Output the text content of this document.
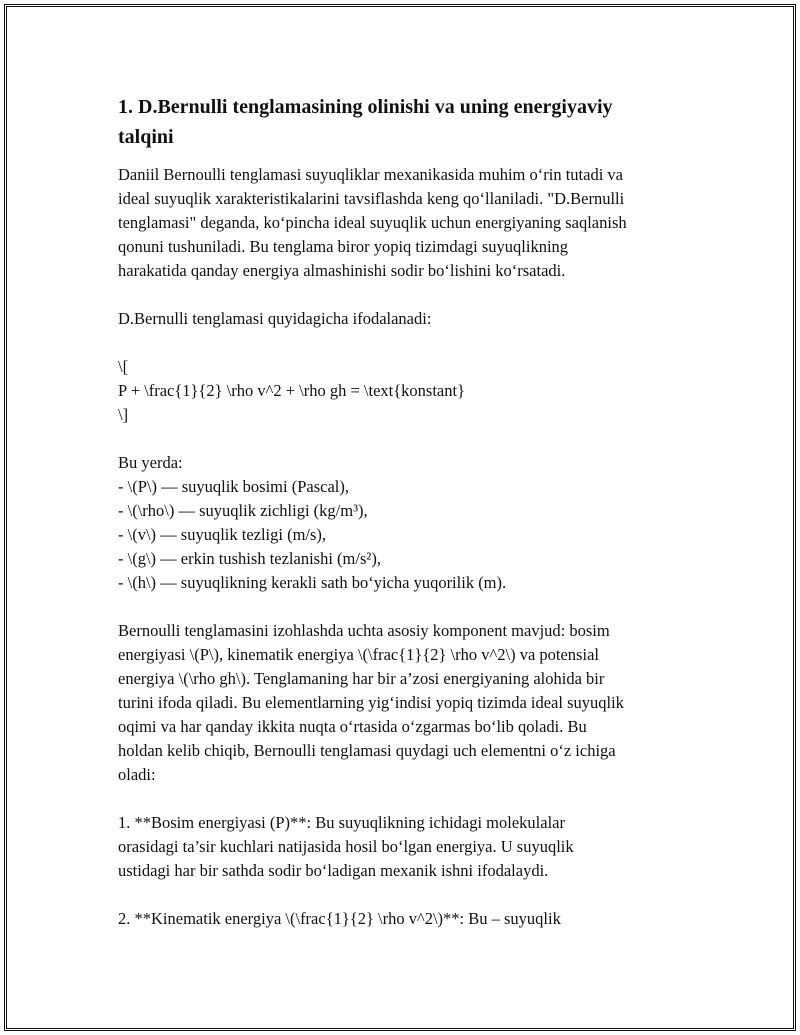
1. D.Bernulli tenglamasining olinishi va uning energiyaviy
talqini
Daniil Bernoulli tenglamasi suyuqliklar mexanikasida muhim o‘rin tutadi va
ideal suyuqlik xarakteristikalarini tavsiflashda keng qo‘llaniladi. "D.Bernulli
tenglamasi" deganda, ko‘pincha ideal suyuqlik uchun energiyaning saqlanish
qonuni tushuniladi. Bu tenglama biror yopiq tizimdagi suyuqlikning
harakatida qanday energiya almashinishi sodir bo‘lishini ko‘rsatadi.
D.Bernulli tenglamasi quyidagicha ifodalanadi:
\[
P + \frac{1}{2} \rho v^2 + \rho gh = \text{konstant}
\]
Bu yerda:
- \(P\) — suyuqlik bosimi (Pascal),
- \(\rho\) — suyuqlik zichligi (kg/m³),
- \(v\) — suyuqlik tezligi (m/s),
- \(g\) — erkin tushish tezlanishi (m/s²),
- \(h\) — suyuqlikning kerakli sath bo‘yicha yuqorilik (m).
Bernoulli tenglamasini izohlashda uchta asosiy komponent mavjud: bosim
energiyasi \(P\), kinematik energiya \(\frac{1}{2} \rho v^2\) va potensial
energiya \(\rho gh\). Tenglamaning har bir a’zosi energiyaning alohida bir
turini ifoda qiladi. Bu elementlarning yig‘indisi yopiq tizimda ideal suyuqlik
oqimi va har qanday ikkita nuqta o‘rtasida o‘zgarmas bo‘lib qoladi. Bu
holdan kelib chiqib, Bernoulli tenglamasi quydagi uch elementni o‘z ichiga
oladi:
1. **Bosim energiyasi (P)**: Bu suyuqlikning ichidagi molekulalar
orasidagi ta’sir kuchlari natijasida hosil bo‘lgan energiya. U suyuqlik
ustidagi har bir sathda sodir bo‘ladigan mexanik ishni ifodalaydi.
2. **Kinematik energiya \(\frac{1}{2} \rho v^2\)**: Bu – suyuqlik
